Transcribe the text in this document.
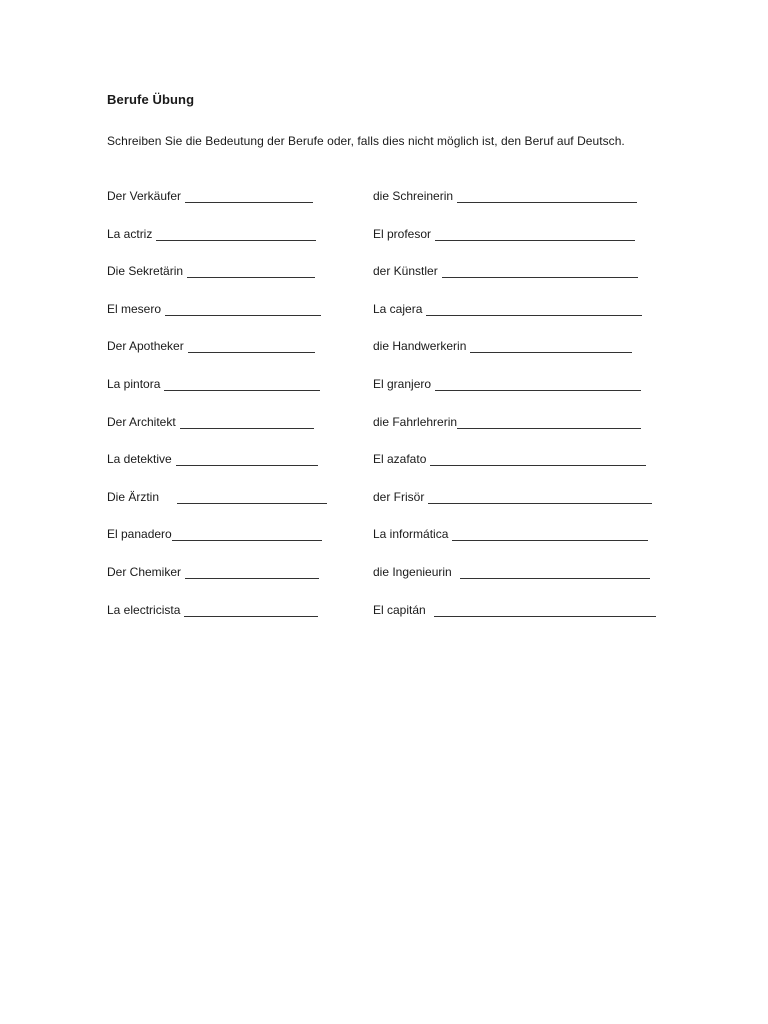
Berufe Übung
Schreiben Sie die Bedeutung der Berufe oder, falls dies nicht möglich ist, den Beruf auf Deutsch.
Der Verkäufer
La actriz
Die Sekretärin
El mesero
Der Apotheker
La pintora
Der Architekt
La detektive
Die Ärztin
El panadero
Der Chemiker
La electricista
die Schreinerin
El profesor
der Künstler
La cajera
die Handwerkerin
El granjero
die Fahrlehrerin
El azafato
der Frisör
La informática
die Ingenieurin
El capitán
